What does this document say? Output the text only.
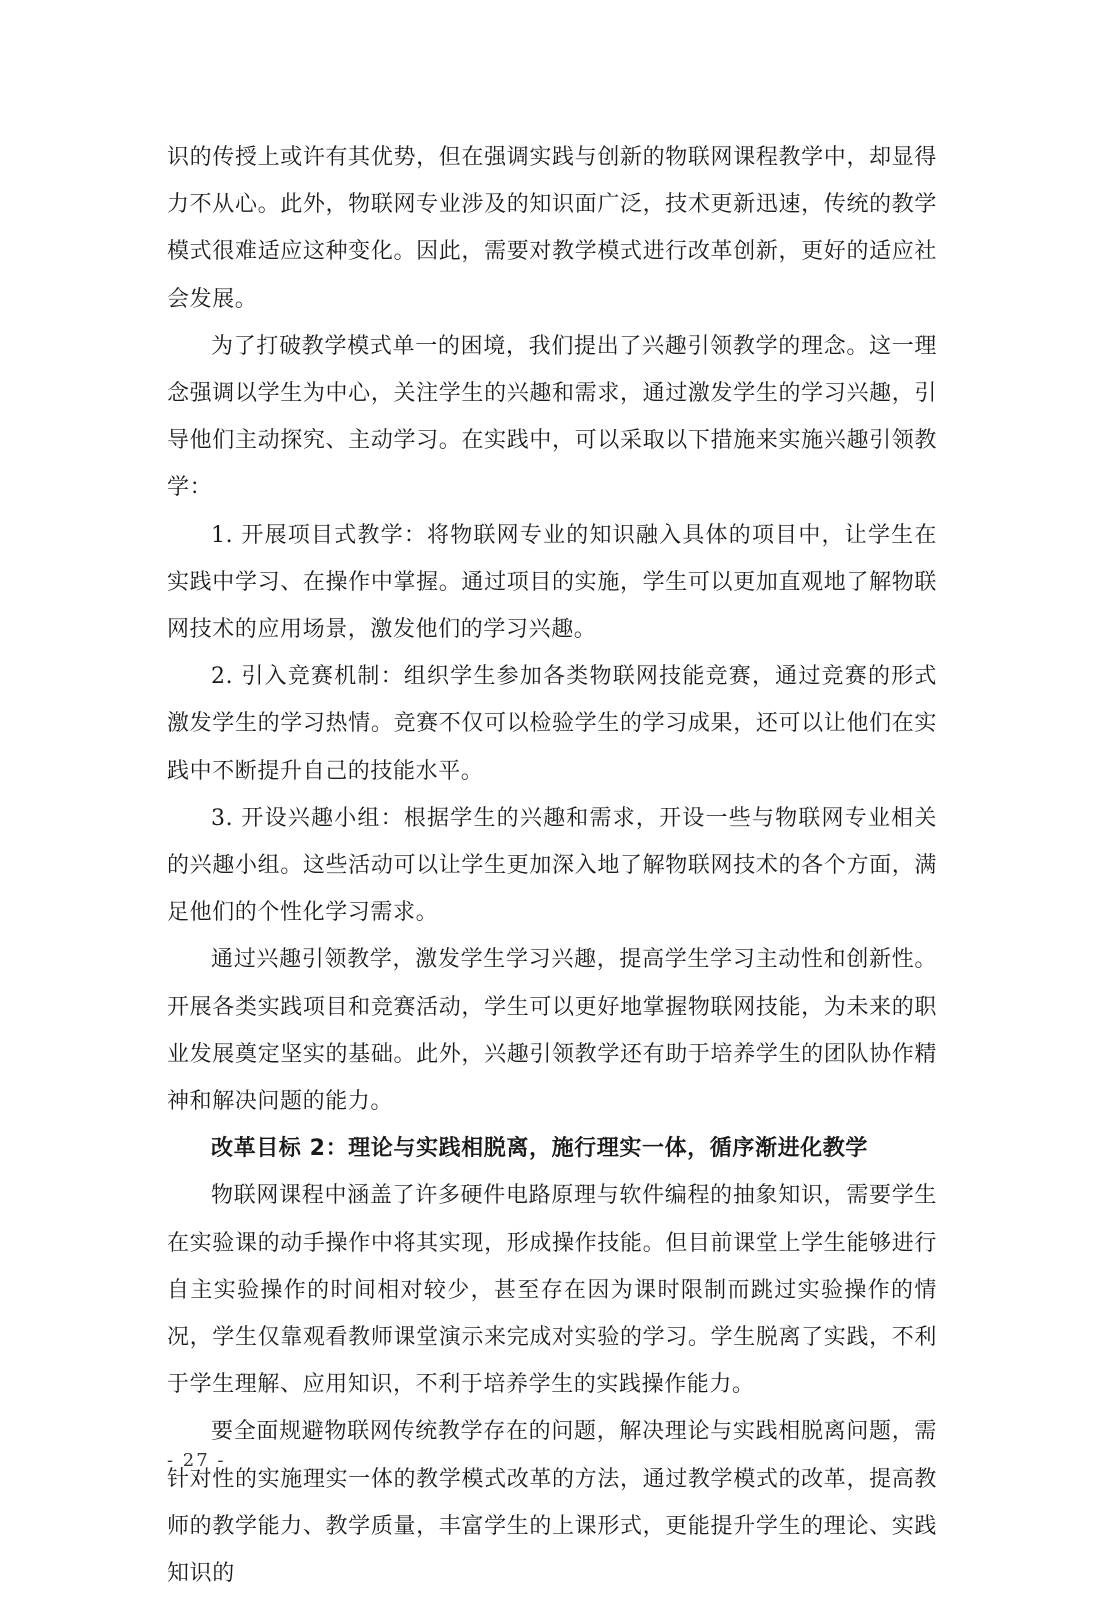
识的传授上或许有其优势，但在强调实践与创新的物联网课程教学中，却显得力不从心。此外，物联网专业涉及的知识面广泛，技术更新迅速，传统的教学模式很难适应这种变化。因此，需要对教学模式进行改革创新，更好的适应社会发展。

为了打破教学模式单一的困境，我们提出了兴趣引领教学的理念。这一理念强调以学生为中心，关注学生的兴趣和需求，通过激发学生的学习兴趣，引导他们主动探究、主动学习。在实践中，可以采取以下措施来实施兴趣引领教学：

1. 开展项目式教学：将物联网专业的知识融入具体的项目中，让学生在实践中学习、在操作中掌握。通过项目的实施，学生可以更加直观地了解物联网技术的应用场景，激发他们的学习兴趣。

2. 引入竞赛机制：组织学生参加各类物联网技能竞赛，通过竞赛的形式激发学生的学习热情。竞赛不仅可以检验学生的学习成果，还可以让他们在实践中不断提升自己的技能水平。

3. 开设兴趣小组：根据学生的兴趣和需求，开设一些与物联网专业相关的兴趣小组。这些活动可以让学生更加深入地了解物联网技术的各个方面，满足他们的个性化学习需求。

通过兴趣引领教学，激发学生学习兴趣，提高学生学习主动性和创新性。开展各类实践项目和竞赛活动，学生可以更好地掌握物联网技能，为未来的职业发展奠定坚实的基础。此外，兴趣引领教学还有助于培养学生的团队协作精神和解决问题的能力。

改革目标 2：理论与实践相脱离，施行理实一体，循序渐进化教学

物联网课程中涵盖了许多硬件电路原理与软件编程的抽象知识，需要学生在实验课的动手操作中将其实现，形成操作技能。但目前课堂上学生能够进行自主实验操作的时间相对较少，甚至存在因为课时限制而跳过实验操作的情况，学生仅靠观看教师课堂演示来完成对实验的学习。学生脱离了实践，不利于学生理解、应用知识，不利于培养学生的实践操作能力。

要全面规避物联网传统教学存在的问题，解决理论与实践相脱离问题，需针对性的实施理实一体的教学模式改革的方法，通过教学模式的改革，提高教师的教学能力、教学质量，丰富学生的上课形式，更能提升学生的理论、实践知识的

- 27 -
